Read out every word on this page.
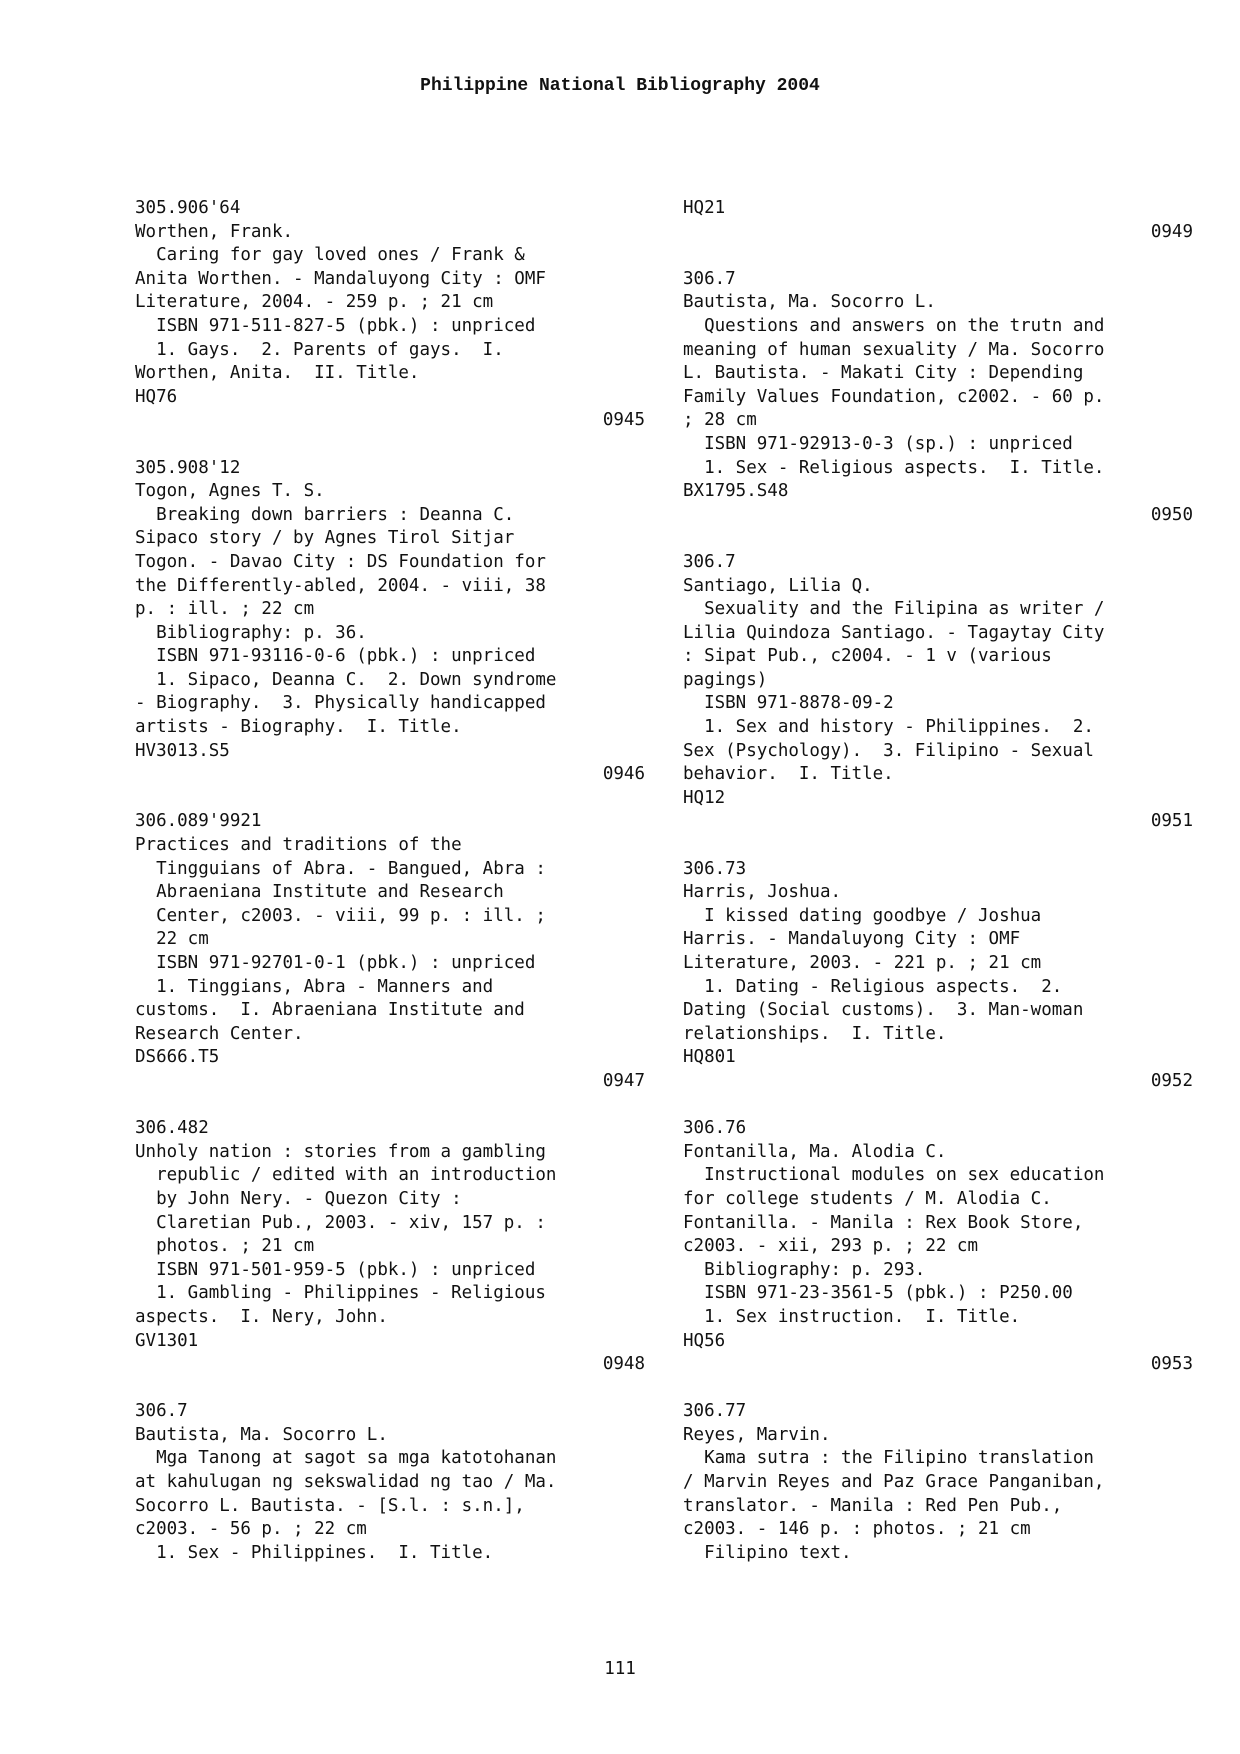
Philippine National Bibliography 2004
305.906'64
Worthen, Frank.
Caring for gay loved ones / Frank &
Anita Worthen. - Mandaluyong City : OMF
Literature, 2004. - 259 p. ; 21 cm
ISBN 971-511-827-5 (pbk.) : unpriced
1. Gays.  2. Parents of gays.  I.
Worthen, Anita.  II. Title.
HQ76
0945
305.908'12
Togon, Agnes T. S.
Breaking down barriers : Deanna C.
Sipaco story / by Agnes Tirol Sitjar
Togon. - Davao City : DS Foundation for
the Differently-abled, 2004. - viii, 38
p. : ill. ; 22 cm
Bibliography: p. 36.
ISBN 971-93116-0-6 (pbk.) : unpriced
1. Sipaco, Deanna C.  2. Down syndrome
- Biography.  3. Physically handicapped
artists - Biography.  I. Title.
HV3013.S5
0946
306.089'9921
Practices and traditions of the
Tingguians of Abra. - Bangued, Abra :
Abraeniana Institute and Research
Center, c2003. - viii, 99 p. : ill. ;
22 cm
ISBN 971-92701-0-1 (pbk.) : unpriced
1. Tinggians, Abra - Manners and
customs.  I. Abraeniana Institute and
Research Center.
DS666.T5
0947
306.482
Unholy nation : stories from a gambling
republic / edited with an introduction
by John Nery. - Quezon City :
Claretian Pub., 2003. - xiv, 157 p. :
photos. ; 21 cm
ISBN 971-501-959-5 (pbk.) : unpriced
1. Gambling - Philippines - Religious
aspects.  I. Nery, John.
GV1301
0948
306.7
Bautista, Ma. Socorro L.
Mga Tanong at sagot sa mga katotohanan
at kahulugan ng sekswalidad ng tao / Ma.
Socorro L. Bautista. - [S.l. : s.n.],
c2003. - 56 p. ; 22 cm
1. Sex - Philippines.  I. Title.
HQ21
0949
306.7
Bautista, Ma. Socorro L.
Questions and answers on the trutn and
meaning of human sexuality / Ma. Socorro
L. Bautista. - Makati City : Depending
Family Values Foundation, c2002. - 60 p.
; 28 cm
ISBN 971-92913-0-3 (sp.) : unpriced
1. Sex - Religious aspects.  I. Title.
BX1795.S48
0950
306.7
Santiago, Lilia Q.
Sexuality and the Filipina as writer /
Lilia Quindoza Santiago. - Tagaytay City
: Sipat Pub., c2004. - 1 v (various
pagings)
ISBN 971-8878-09-2
1. Sex and history - Philippines.  2.
Sex (Psychology).  3. Filipino - Sexual
behavior.  I. Title.
HQ12
0951
306.73
Harris, Joshua.
I kissed dating goodbye / Joshua
Harris. - Mandaluyong City : OMF
Literature, 2003. - 221 p. ; 21 cm
1. Dating - Religious aspects.  2.
Dating (Social customs).  3. Man-woman
relationships.  I. Title.
HQ801
0952
306.76
Fontanilla, Ma. Alodia C.
Instructional modules on sex education
for college students / M. Alodia C.
Fontanilla. - Manila : Rex Book Store,
c2003. - xii, 293 p. ; 22 cm
Bibliography: p. 293.
ISBN 971-23-3561-5 (pbk.) : P250.00
1. Sex instruction.  I. Title.
HQ56
0953
306.77
Reyes, Marvin.
Kama sutra : the Filipino translation
/ Marvin Reyes and Paz Grace Panganiban,
translator. - Manila : Red Pen Pub.,
c2003. - 146 p. : photos. ; 21 cm
Filipino text.
111
